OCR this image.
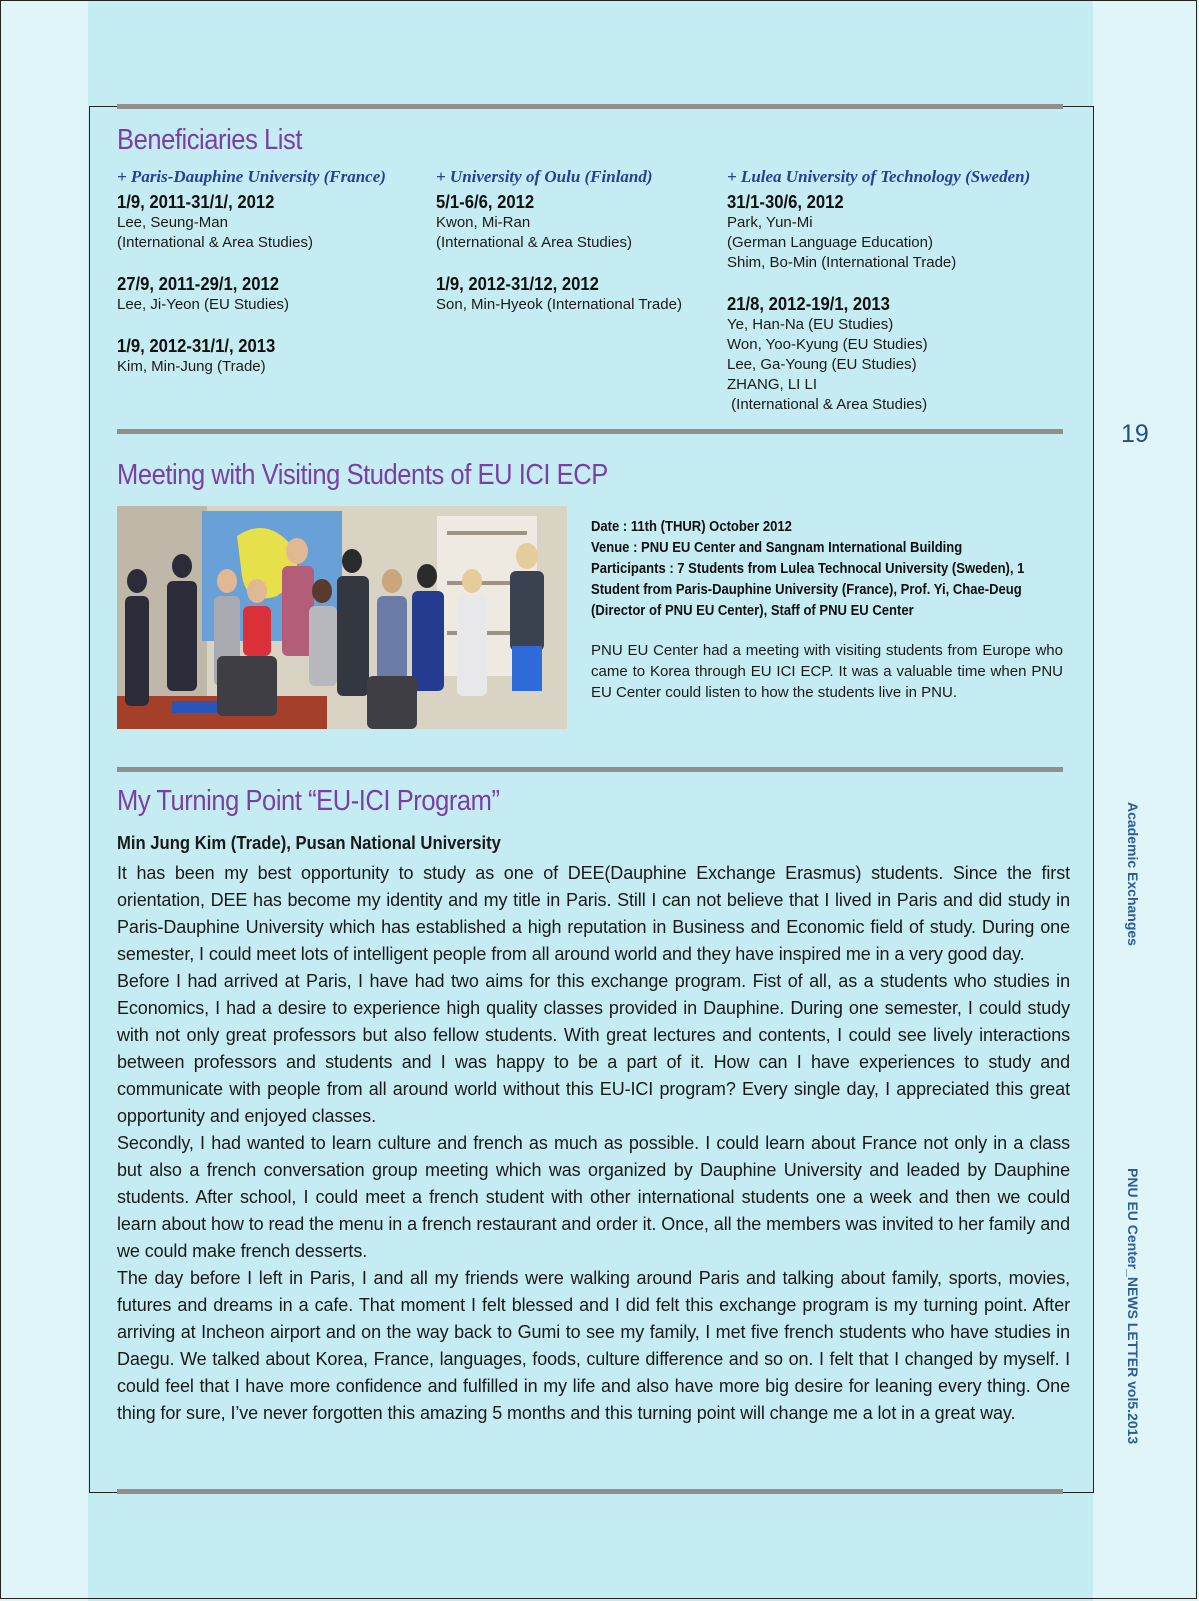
Beneficiaries List
+ Paris-Dauphine University (France)
1/9, 2011-31/1/, 2012
Lee, Seung-Man
(International & Area Studies)
27/9, 2011-29/1, 2012
Lee, Ji-Yeon (EU Studies)
1/9, 2012-31/1/, 2013
Kim, Min-Jung (Trade)
+ University of Oulu (Finland)
5/1-6/6, 2012
Kwon, Mi-Ran
(International & Area Studies)
1/9, 2012-31/12, 2012
Son, Min-Hyeok (International Trade)
+ Lulea University of Technology (Sweden)
31/1-30/6, 2012
Park, Yun-Mi
(German Language Education)
Shim, Bo-Min (International Trade)
21/8, 2012-19/1, 2013
Ye, Han-Na (EU Studies)
Won, Yoo-Kyung (EU Studies)
Lee, Ga-Young (EU Studies)
ZHANG, LI LI
(International & Area Studies)
Meeting with Visiting Students of EU ICI ECP
Date : 11th (THUR) October 2012
Venue : PNU EU Center and Sangnam International Building
Participants : 7 Students from Lulea Technocal University (Sweden), 1 Student from Paris-Dauphine University (France), Prof. Yi, Chae-Deug (Director of PNU EU Center), Staff of PNU EU Center
PNU EU Center had a meeting with visiting students from Europe who came to Korea through EU ICI ECP. It was a valuable time when PNU EU Center could listen to how the students live in PNU.
My Turning Point “EU-ICI Program”
Min Jung Kim (Trade), Pusan National University

It has been my best opportunity to study as one of DEE(Dauphine Exchange Erasmus) students. Since the first orientation, DEE has become my identity and my title in Paris. Still I can not believe that I lived in Paris and did study in Paris-Dauphine University which has established a high reputation in Business and Economic field of study. During one semester, I could meet lots of intelligent people from all around world and they have inspired me in a very good day.

Before I had arrived at Paris, I have had two aims for this exchange program. Fist of all, as a students who studies in Economics, I had a desire to experience high quality classes provided in Dauphine. During one semester, I could study with not only great professors but also fellow students. With great lectures and contents, I could see lively interactions between professors and students and I was happy to be a part of it. How can I have experiences to study and communicate with people from all around world without this EU-ICI program? Every single day, I appreciated this great opportunity and enjoyed classes.

Secondly, I had wanted to learn culture and french as much as possible. I could learn about France not only in a class but also a french conversation group meeting which was organized by Dauphine University and leaded by Dauphine students. After school, I could meet a french student with other international students one a week and then we could learn about how to read the menu in a french restaurant and order it. Once, all the members was invited to her family and we could make french desserts.

The day before I left in Paris, I and all my friends were walking around Paris and talking about family, sports, movies, futures and dreams in a cafe. That moment I felt blessed and I did felt this exchange program is my turning point. After arriving at Incheon airport and on the way back to Gumi to see my family, I met five french students who have studies in Daegu. We talked about Korea, France, languages, foods, culture difference and so on. I felt that I changed by myself. I could feel that I have more confidence and fulfilled in my life and also have more big desire for leaning every thing. One thing for sure, I’ve never forgotten this amazing 5 months and this turning point will change me a lot in a great way.

19
Academic Exchanges
PNU EU Center_NEWS LETTER vol5.2013
